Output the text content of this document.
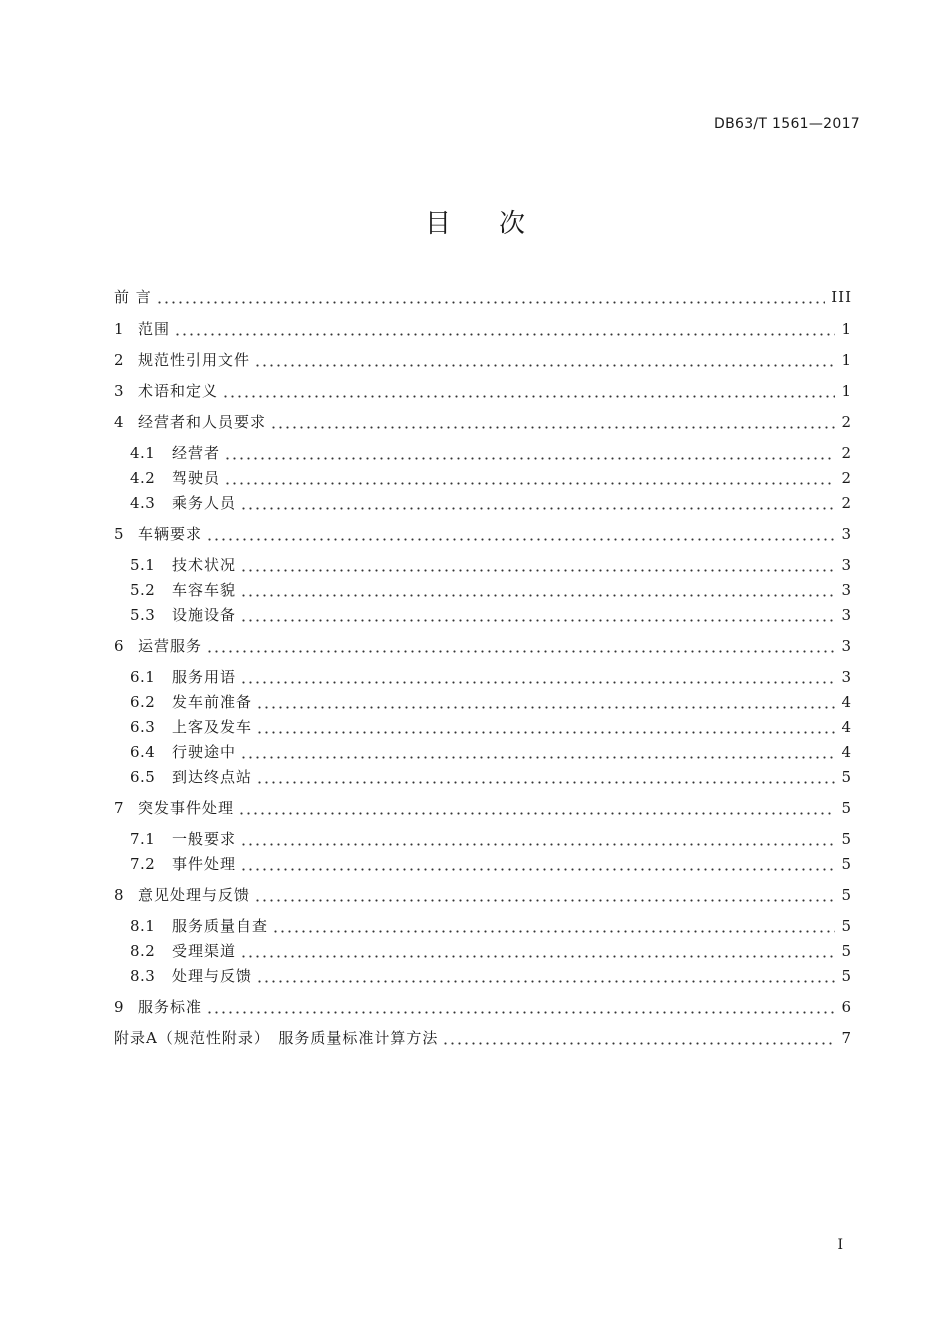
DB63/T 1561—2017
目次
前 言	III
1 范围	1
2 规范性引用文件	1
3 术语和定义	1
4 经营者和人员要求	2
4.1	经营者	2
4.2	驾驶员	2
4.3	乘务人员	2
5 车辆要求	3
5.1	技术状况	3
5.2	车容车貌	3
5.3	设施设备	3
6 运营服务	3
6.1	服务用语	3
6.2	发车前准备	4
6.3	上客及发车	4
6.4	行驶途中	4
6.5	到达终点站	5
7 突发事件处理	5
7.1	一般要求	5
7.2	事件处理	5
8 意见处理与反馈	5
8.1	服务质量自查	5
8.2	受理渠道	5
8.3	处理与反馈	5
9 服务标准	6
附录A（规范性附录）　服务质量标准计算方法	7
I
